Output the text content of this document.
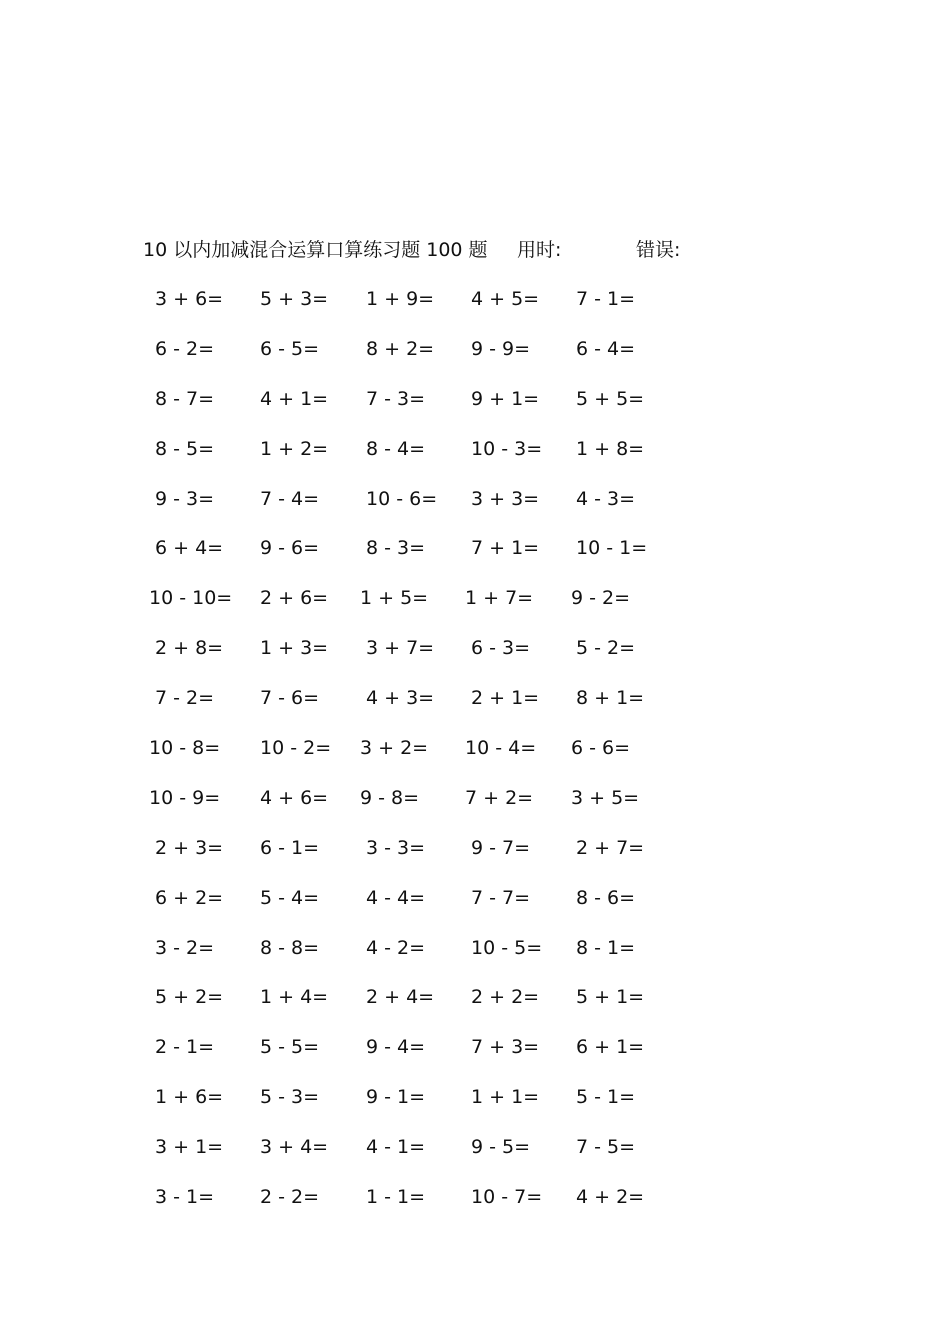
10 以内加减混合运算口算练习题 100 题 用时:	错误:
3 + 6= 5 + 3= 1 + 9= 4 + 5= 7 - 1=
6 - 2= 6 - 5= 8 + 2= 9 - 9= 6 - 4=
8 - 7= 4 + 1= 7 - 3= 9 + 1= 5 + 5=
8 - 5= 1 + 2= 8 - 4= 10 - 3= 1 + 8=
9 - 3= 7 - 4= 10 - 6= 3 + 3= 4 - 3=
6 + 4= 9 - 6= 8 - 3= 7 + 1= 10 - 1=
10 - 10= 2 + 6= 1 + 5= 1 + 7= 9 - 2=
2 + 8= 1 + 3= 3 + 7= 6 - 3= 5 - 2=
7 - 2= 7 - 6= 4 + 3= 2 + 1= 8 + 1=
10 - 8= 10 - 2= 3 + 2= 10 - 4= 6 - 6=
10 - 9= 4 + 6= 9 - 8= 7 + 2= 3 + 5=
2 + 3= 6 - 1= 3 - 3= 9 - 7= 2 + 7=
6 + 2= 5 - 4= 4 - 4= 7 - 7= 8 - 6=
3 - 2= 8 - 8= 4 - 2= 10 - 5= 8 - 1=
5 + 2= 1 + 4= 2 + 4= 2 + 2= 5 + 1=
2 - 1= 5 - 5= 9 - 4= 7 + 3= 6 + 1=
1 + 6= 5 - 3= 9 - 1= 1 + 1= 5 - 1=
3 + 1= 3 + 4= 4 - 1= 9 - 5= 7 - 5=
3 - 1= 2 - 2= 1 - 1= 10 - 7= 4 + 2=
